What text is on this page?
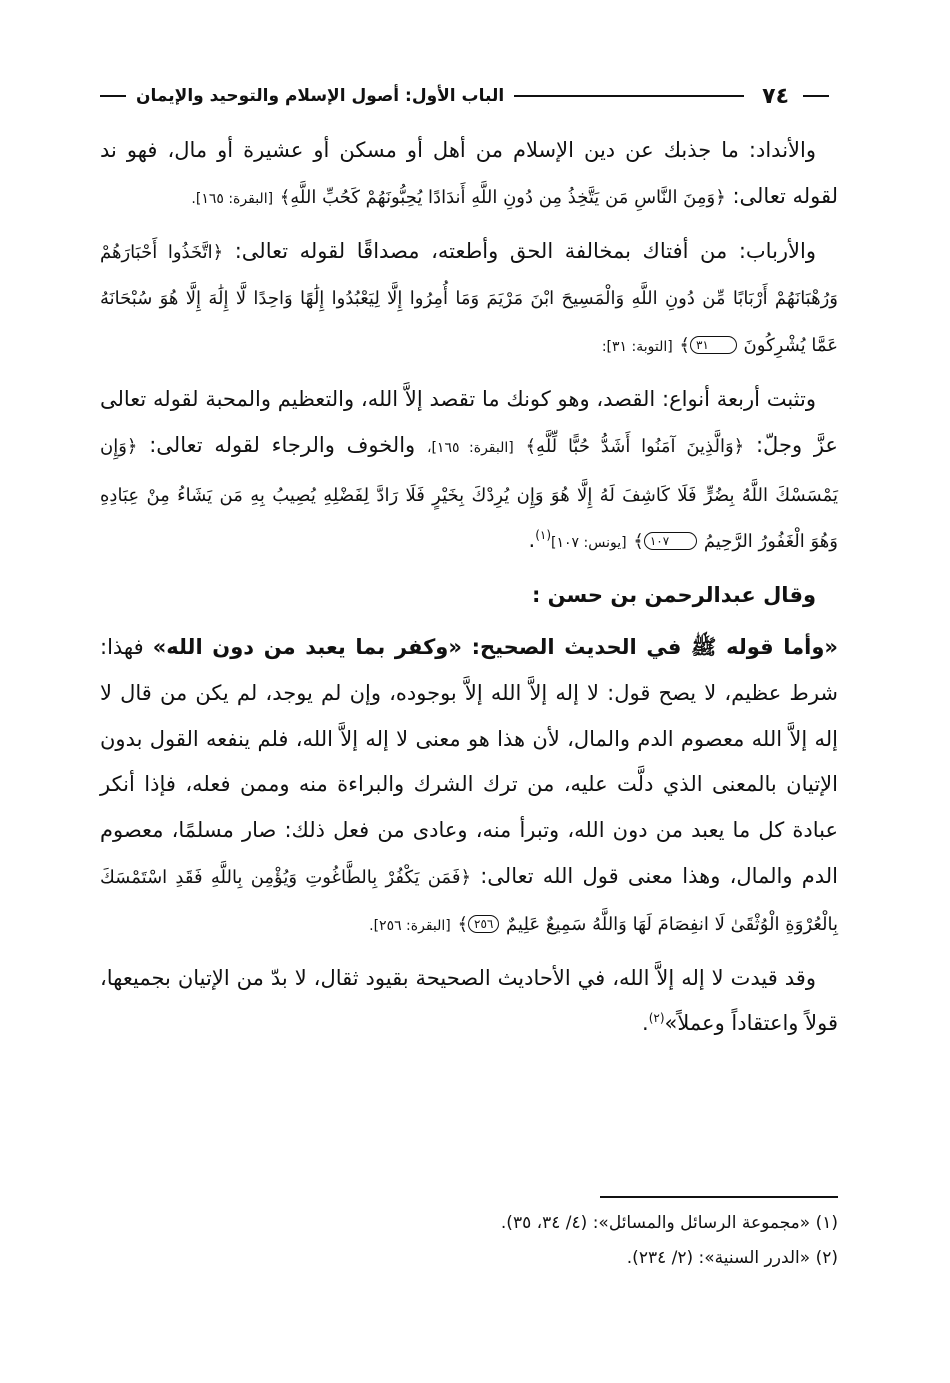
٧٤
الباب الأول: أصول الإسلام والتوحيد والإيمان

والأنداد: ما جذبك عن دين الإسلام من أهل أو مسكن أو عشيرة أو مال، فهو ند لقوله تعالى: ﴿وَمِنَ النَّاسِ مَن يَتَّخِذُ مِن دُونِ اللَّهِ أَندَادًا يُحِبُّونَهُمْ كَحُبِّ اللَّهِ﴾ [البقرة: ١٦٥].

والأرباب: من أفتاك بمخالفة الحق وأطعته، مصداقًا لقوله تعالى: ﴿اتَّخَذُوا أَحْبَارَهُمْ وَرُهْبَانَهُمْ أَرْبَابًا مِّن دُونِ اللَّهِ وَالْمَسِيحَ ابْنَ مَرْيَمَ وَمَا أُمِرُوا إِلَّا لِيَعْبُدُوا إِلَٰهًا وَاحِدًا لَّا إِلَٰهَ إِلَّا هُوَ سُبْحَانَهُ عَمَّا يُشْرِكُونَ ٣١﴾ [التوبة: ٣١]:

وتثبت أربعة أنواع: القصد، وهو كونك ما تقصد إلاَّ الله، والتعظيم والمحبة لقوله تعالى عزَّ وجلّ: ﴿وَالَّذِينَ آمَنُوا أَشَدُّ حُبًّا لِّلَّهِ﴾ [البقرة: ١٦٥]، والخوف والرجاء لقوله تعالى: ﴿وَإِن يَمْسَسْكَ اللَّهُ بِضُرٍّ فَلَا كَاشِفَ لَهُ إِلَّا هُوَ وَإِن يُرِدْكَ بِخَيْرٍ فَلَا رَادَّ لِفَضْلِهِ يُصِيبُ بِهِ مَن يَشَاءُ مِنْ عِبَادِهِ وَهُوَ الْغَفُورُ الرَّحِيمُ ١٠٧﴾ [يونس: ١٠٧]$^{(١)}$.

وقال عبدالرحمن بن حسن :

«وأما قوله ﷺ في الحديث الصحيح: «وكفر بما يعبد من دون الله» فهذا: شرط عظيم، لا يصح قول: لا إله إلاَّ الله إلاَّ بوجوده، وإن لم يوجد، لم يكن من قال لا إله إلاَّ الله معصوم الدم والمال، لأن هذا هو معنى لا إله إلاَّ الله، فلم ينفعه القول بدون الإتيان بالمعنى الذي دلَّت عليه، من ترك الشرك والبراءة منه وممن فعله، فإذا أنكر عبادة كل ما يعبد من دون الله، وتبرأ منه، وعادى من فعل ذلك: صار مسلمًا، معصوم الدم والمال، وهذا معنى قول الله تعالى: ﴿فَمَن يَكْفُرْ بِالطَّاغُوتِ وَيُؤْمِن بِاللَّهِ فَقَدِ اسْتَمْسَكَ بِالْعُرْوَةِ الْوُثْقَىٰ لَا انفِصَامَ لَهَا وَاللَّهُ سَمِيعٌ عَلِيمٌ ٢٥٦﴾ [البقرة: ٢٥٦].

وقد قيدت لا إله إلاَّ الله، في الأحاديث الصحيحة بقيود ثقال، لا بدّ من الإتيان بجميعها، قولاً واعتقاداً وعملاً»$^{(٢)}$.

(١) «مجموعة الرسائل والمسائل»: (٤/ ٣٤، ٣٥).
(٢) «الدرر السنية»: (٢/ ٢٣٤).
